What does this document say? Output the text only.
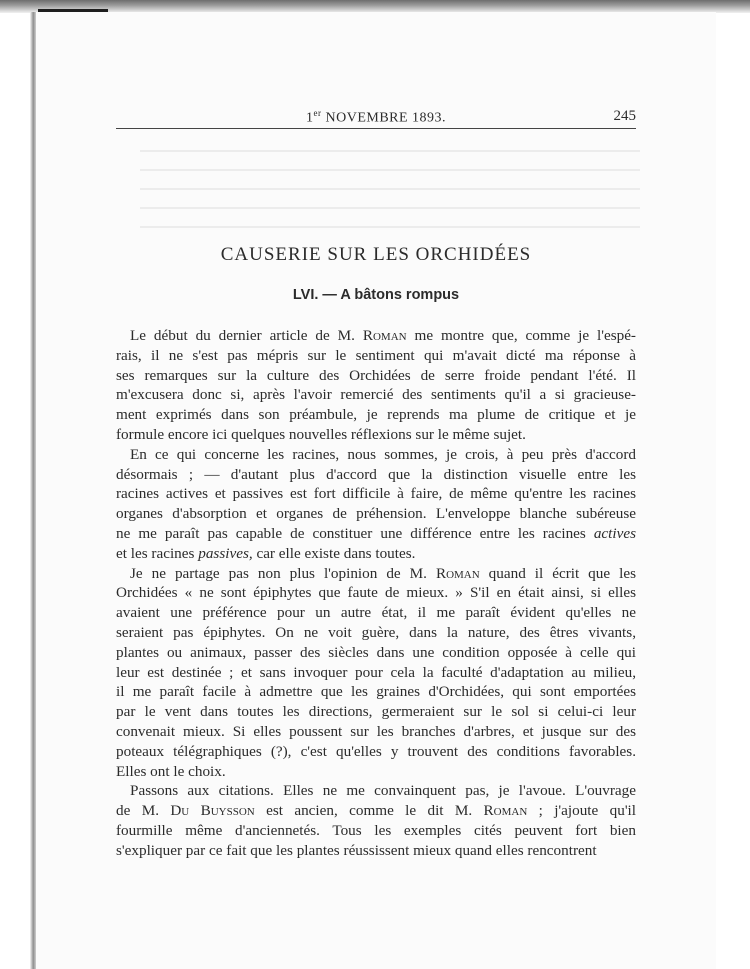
1er NOVEMBRE 1893.	245
CAUSERIE SUR LES ORCHIDÉES
LVI. — A bâtons rompus
Le début du dernier article de M. Roman me montre que, comme je l'espé-
rais, il ne s'est pas mépris sur le sentiment qui m'avait dicté ma réponse à
ses remarques sur la culture des Orchidées de serre froide pendant l'été. Il
m'excusera donc si, après l'avoir remercié des sentiments qu'il a si gracieuse-
ment exprimés dans son préambule, je reprends ma plume de critique et je
formule encore ici quelques nouvelles réflexions sur le même sujet.
En ce qui concerne les racines, nous sommes, je crois, à peu près d'accord
désormais ; — d'autant plus d'accord que la distinction visuelle entre les
racines actives et passives est fort difficile à faire, de même qu'entre les racines
organes d'absorption et organes de préhension. L'enveloppe blanche subéreuse
ne me paraît pas capable de constituer une différence entre les racines actives
et les racines passives, car elle existe dans toutes.
Je ne partage pas non plus l'opinion de M. Roman quand il écrit que les
Orchidées « ne sont épiphytes que faute de mieux. » S'il en était ainsi, si elles
avaient une préférence pour un autre état, il me paraît évident qu'elles ne
seraient pas épiphytes. On ne voit guère, dans la nature, des êtres vivants,
plantes ou animaux, passer des siècles dans une condition opposée à celle qui
leur est destinée ; et sans invoquer pour cela la faculté d'adaptation au milieu,
il me paraît facile à admettre que les graines d'Orchidées, qui sont emportées
par le vent dans toutes les directions, germeraient sur le sol si celui-ci leur
convenait mieux. Si elles poussent sur les branches d'arbres, et jusque sur des
poteaux télégraphiques (?), c'est qu'elles y trouvent des conditions favorables.
Elles ont le choix.
Passons aux citations. Elles ne me convainquent pas, je l'avoue. L'ouvrage
de M. Du Buysson est ancien, comme le dit M. Roman ; j'ajoute qu'il
fourmille même d'anciennetés. Tous les exemples cités peuvent fort bien
s'expliquer par ce fait que les plantes réussissent mieux quand elles rencontrent
